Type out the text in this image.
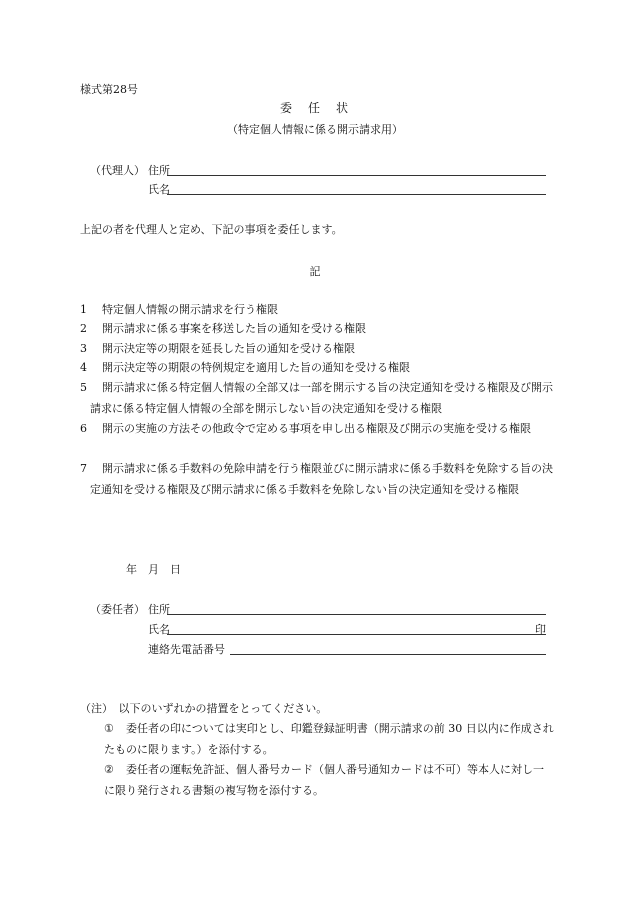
様式第28号
委　任　状
（特定個人情報に係る開示請求用）
（代理人） 住所
氏名
上記の者を代理人と定め、下記の事項を委任します。
記
1	特定個人情報の開示請求を行う権限
2	開示請求に係る事案を移送した旨の通知を受ける権限
3	開示決定等の期限を延長した旨の通知を受ける権限
4	開示決定等の期限の特例規定を適用した旨の通知を受ける権限
5	開示請求に係る特定個人情報の全部又は一部を開示する旨の決定通知を受ける権限及び開示請求に係る特定個人情報の全部を開示しない旨の決定通知を受ける権限
6	開示の実施の方法その他政令で定める事項を申し出る権限及び開示の実施を受ける権限
7	開示請求に係る手数料の免除申請を行う権限並びに開示請求に係る手数料を免除する旨の決定通知を受ける権限及び開示請求に係る手数料を免除しない旨の決定通知を受ける権限
年　月　日
（委任者） 住所
氏名	印
連絡先電話番号
（注）　以下のいずれかの措置をとってください。
①	委任者の印については実印とし、印鑑登録証明書（開示請求の前 30 日以内に作成されたものに限ります。）を添付する。
②	委任者の運転免許証、個人番号カード（個人番号通知カードは不可）等本人に対し一に限り発行される書類の複写物を添付する。
